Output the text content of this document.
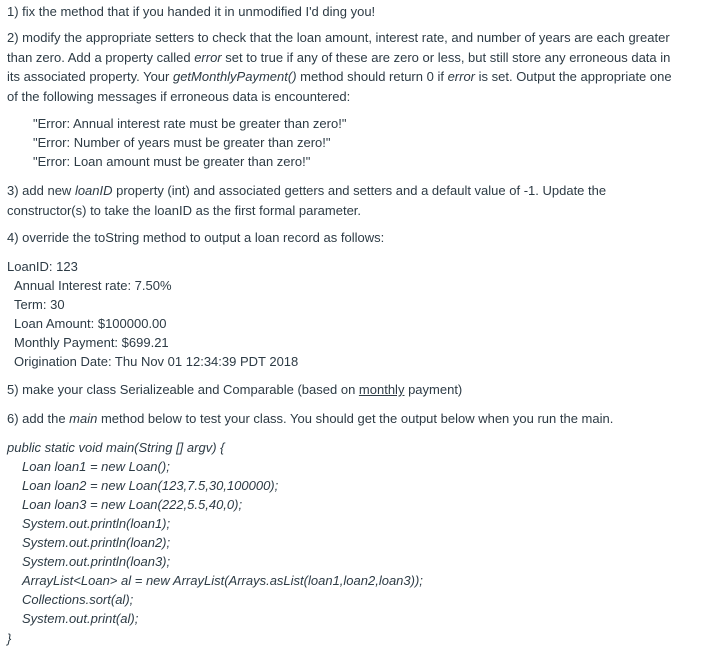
1) fix the method that if you handed it in unmodified I'd ding you!
2) modify the appropriate setters to check that the loan amount, interest rate, and number of years are each greater than zero. Add a property called error set to true if any of these are zero or less, but still store any erroneous data in its associated property. Your getMonthlyPayment() method should return 0 if error is set. Output the appropriate one of the following messages if erroneous data is encountered:
"Error: Annual interest rate must be greater than zero!"
"Error: Number of years must be greater than zero!"
"Error: Loan amount must be greater than zero!"
3) add new loanID property (int) and associated getters and setters and a default value of -1. Update the constructor(s) to take the loanID as the first formal parameter.
4) override the toString method to output a loan record as follows:
LoanID: 123
Annual Interest rate: 7.50%
Term: 30
Loan Amount: $100000.00
Monthly Payment: $699.21
Origination Date: Thu Nov 01 12:34:39 PDT 2018
5) make your class Serializeable and Comparable (based on monthly payment)
6) add the main method below to test your class. You should get the output below when you run the main.
public static void main(String [] argv) {
Loan loan1 = new Loan();
Loan loan2 = new Loan(123,7.5,30,100000);
Loan loan3 = new Loan(222,5.5,40,0);
System.out.println(loan1);
System.out.println(loan2);
System.out.println(loan3);
ArrayList<Loan> al = new ArrayList(Arrays.asList(loan1,loan2,loan3));
Collections.sort(al);
System.out.print(al);
}
